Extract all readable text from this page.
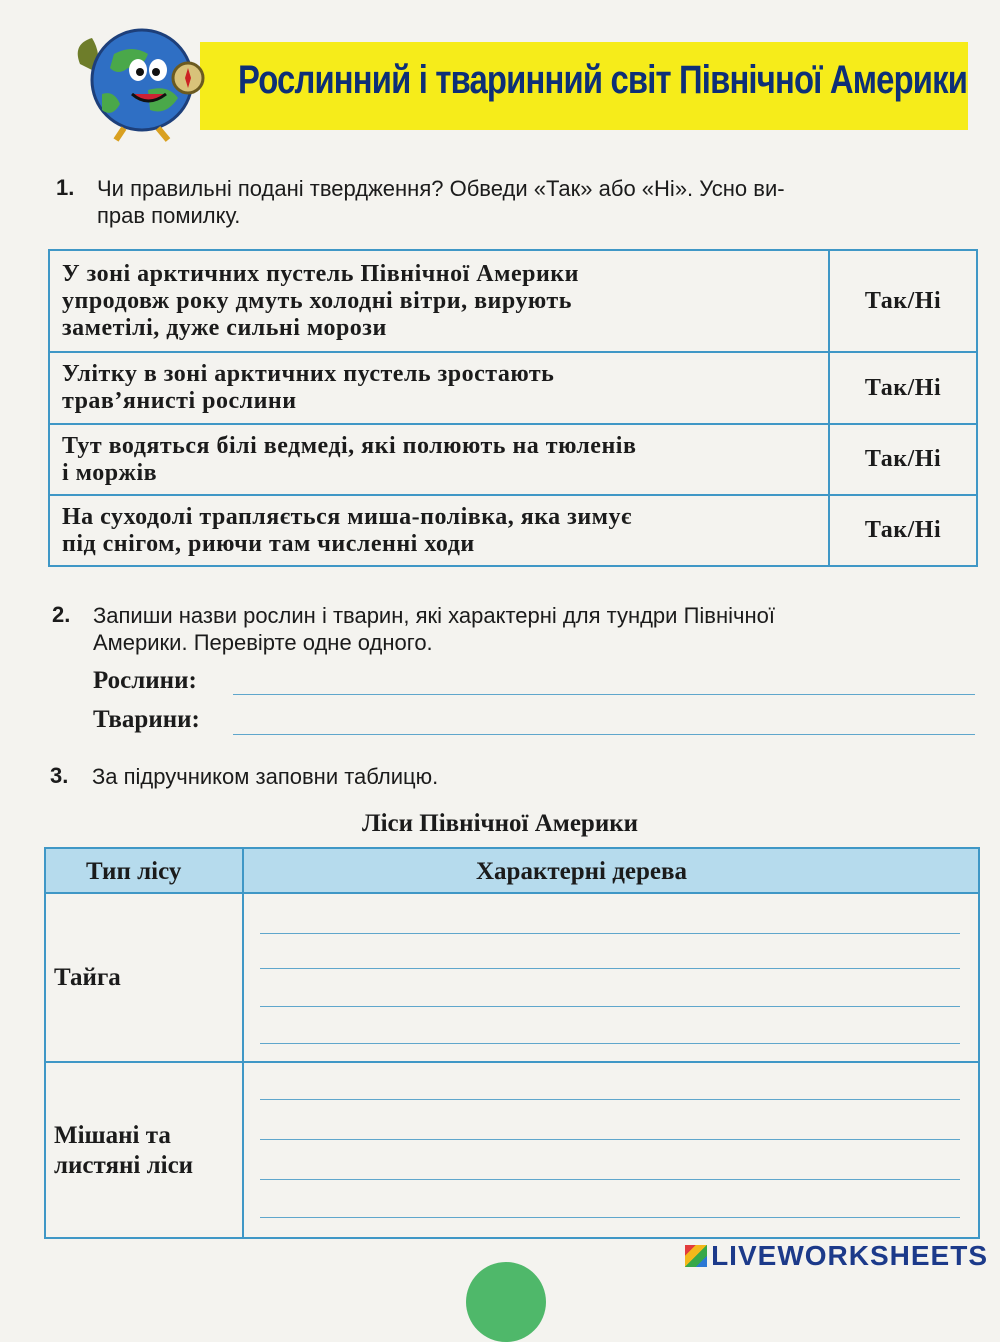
Рослинний і тваринний світ Північної Америки
1. Чи правильні подані твердження? Обведи «Так» або «Ні». Усно ви-
прав помилку.
У зоні арктичних пустель Північної Америки
упродовж року дмуть холодні вітри, вирують
заметілі, дуже сильні морози	Так/Ні

Улітку в зоні арктичних пустель зростають
трав’янисті рослини	Так/Ні

Тут водяться білі ведмеді, які полюють на тюленів
і моржів	Так/Ні

На суходолі трапляється миша-полівка, яка зимує
під снігом, риючи там численні ходи	Так/Ні
2. Запиши назви рослин і тварин, які характерні для тундри Північної
Америки. Перевірте одне одного.
Рослини:
Тварини:
3. За підручником заповни таблицю.
Ліси Північної Америки
Тип лісу	Характерні дерева
Тайга
Мішані та
листяні ліси
LIVEWORKSHEETS
